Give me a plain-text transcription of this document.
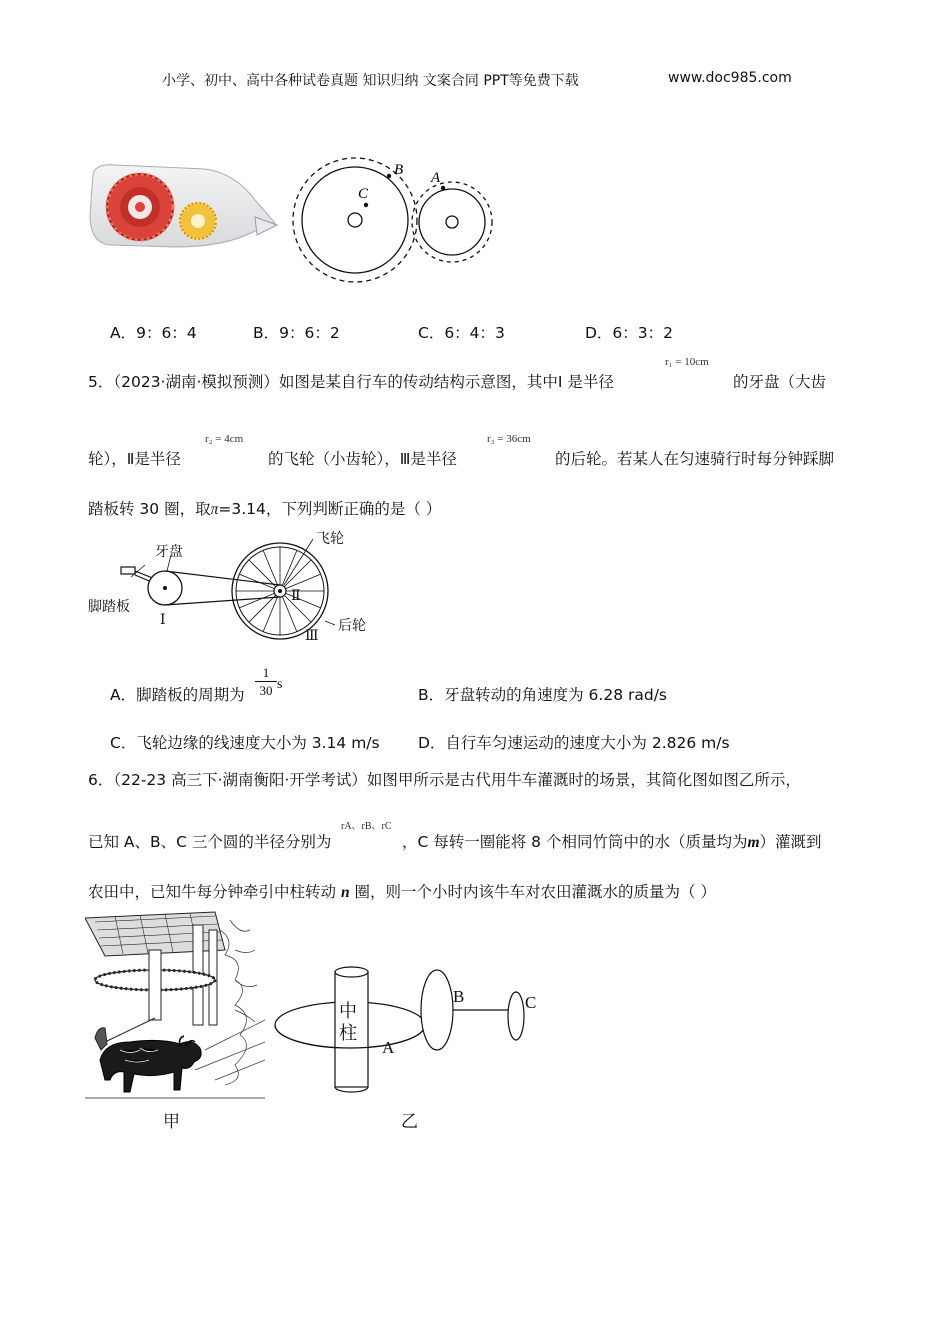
小学、初中、高中各种试卷真题 知识归纳 文案合同 PPT等免费下载	www.doc985.com
B
C
A
A．9：6：4	B．9：6：2	C．6：4：3	D．6：3：2
5．（2023·湖南·模拟预测）如图是某自行车的传动结构示意图，其中Ⅰ 是半径
r₁ = 10cm
的牙盘（大齿
轮），Ⅱ是半径
r₂ = 4cm
的飞轮（小齿轮），Ⅲ是半径
r₃ = 36cm
的后轮。若某人在匀速骑行时每分钟踩脚
踏板转 30 圈，取π=3.14，下列判断正确的是（ ）
牙盘
脚踏板
飞轮
后轮
Ⅰ
Ⅱ
Ⅲ
A．脚踏板的周期为 $\frac{1}{30}$ s
B．牙盘转动的角速度为 6.28 rad/s
C．飞轮边缘的线速度大小为 3.14 m/s D．自行车匀速运动的速度大小为 2.826 m/s
6．（22-23 高三下·湖南衡阳·开学考试）如图甲所示是古代用牛车灌溉时的场景，其简化图如图乙所示，
已知 A、B、C 三个圆的半径分别为
rA、rB、rC
，C 每转一圈能将 8 个相同竹筒中的水（质量均为m）灌溉到
农田中，已知牛每分钟牵引中柱转动 n 圈，则一个小时内该牛车对农田灌溉水的质量为（ ）
甲
中柱
A
B	C
乙
